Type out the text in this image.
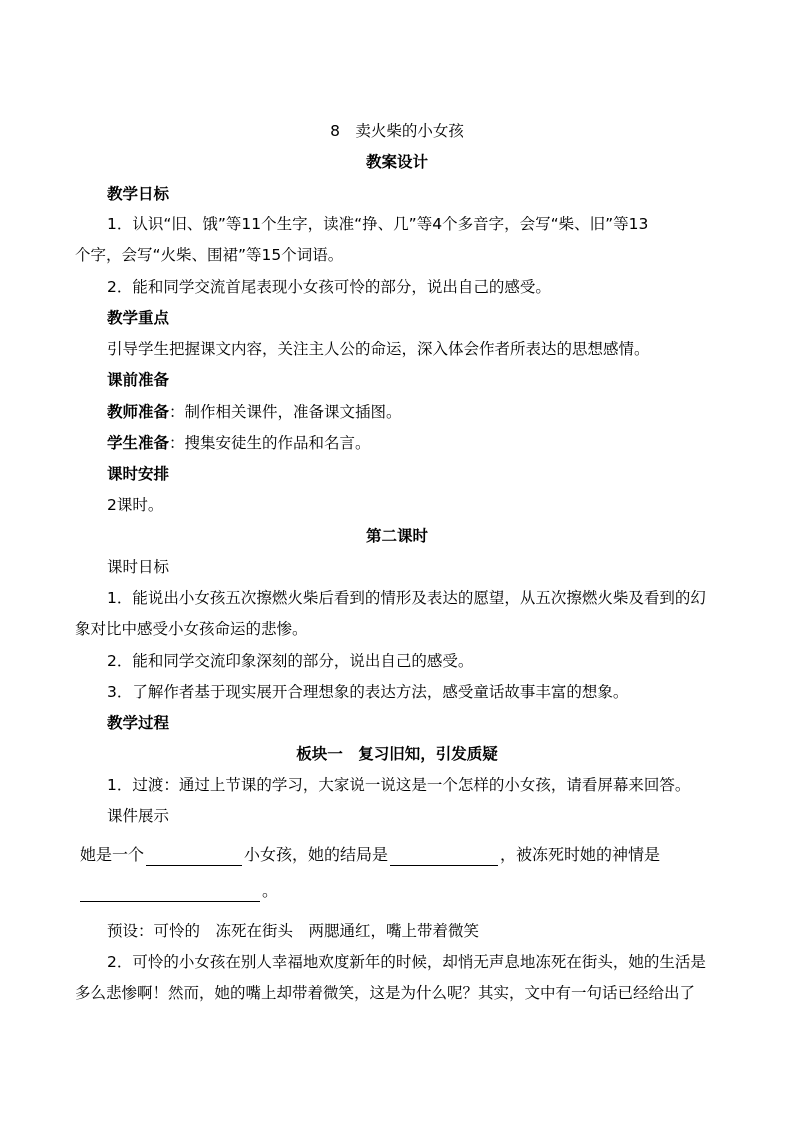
8　卖火柴的小女孩
教案设计
教学日标
1．认识“旧、饿”等11个生字，读准“挣、几”等4个多音字，会写“柴、旧”等13
个字，会写“火柴、围裙”等15个词语。
2．能和同学交流首尾表现小女孩可怜的部分，说出自己的感受。
教学重点
引导学生把握课文内容，关注主人公的命运，深入体会作者所表达的思想感情。
课前准备
教师准备：制作相关课件，准备课文插图。
学生准备：搜集安徒生的作品和名言。
课时安排
2课时。
第二课时
课时日标
1．能说出小女孩五次擦燃火柴后看到的情形及表达的愿望，从五次擦燃火柴及看到的幻
象对比中感受小女孩命运的悲惨。
2．能和同学交流印象深刻的部分，说出自己的感受。
3．了解作者基于现实展开合理想象的表达方法，感受童话故事丰富的想象。
教学过程
板块一　复习旧知，引发质疑
1．过渡：通过上节课的学习，大家说一说这是一个怎样的小女孩，请看屏幕来回答。
课件展示
她是一个	小女孩，她的结局是	，被冻死时她的神情是
。
预设：可怜的　冻死在街头　两腮通红，嘴上带着微笑
2．可怜的小女孩在别人幸福地欢度新年的时候，却悄无声息地冻死在街头，她的生活是
多么悲惨啊！然而，她的嘴上却带着微笑，这是为什么呢？其实，文中有一句话已经给出了
